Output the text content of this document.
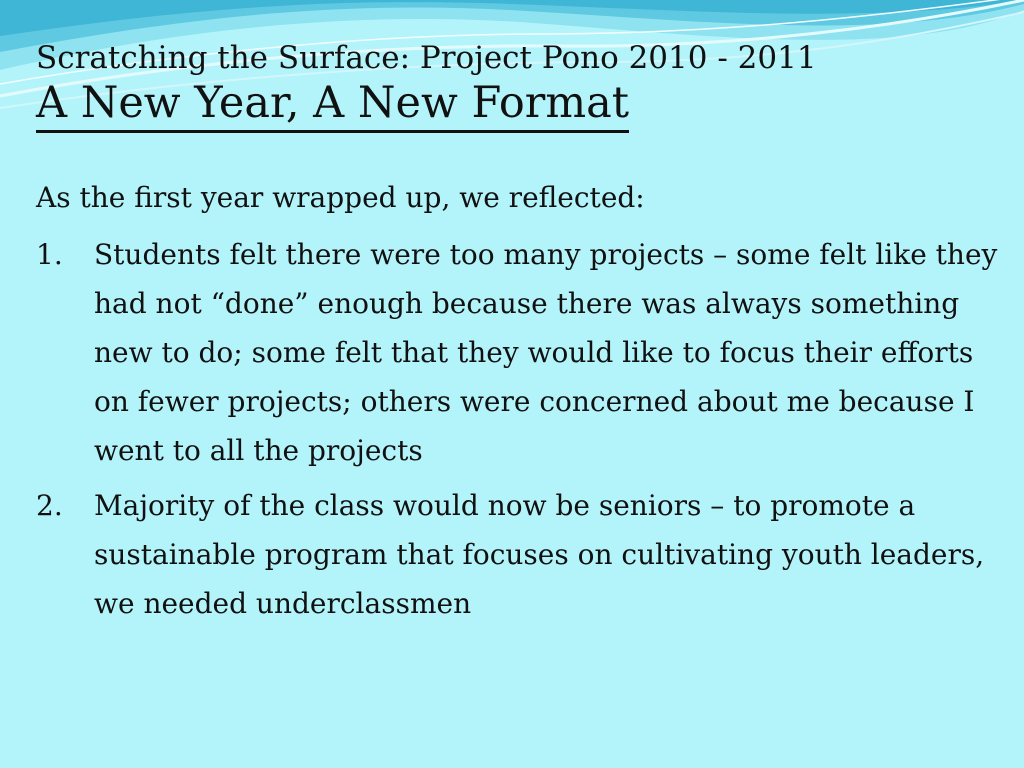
Scratching the Surface: Project Pono 2010 - 2011
A New Year, A New Format
As the first year wrapped up, we reflected:
1.	Students felt there were too many projects – some felt like they had not “done” enough because there was always something new to do; some felt that they would like to focus their efforts on fewer projects; others were concerned about me because I went to all the projects
2.	Majority of the class would now be seniors – to promote a sustainable program that focuses on cultivating youth leaders, we needed underclassmen
